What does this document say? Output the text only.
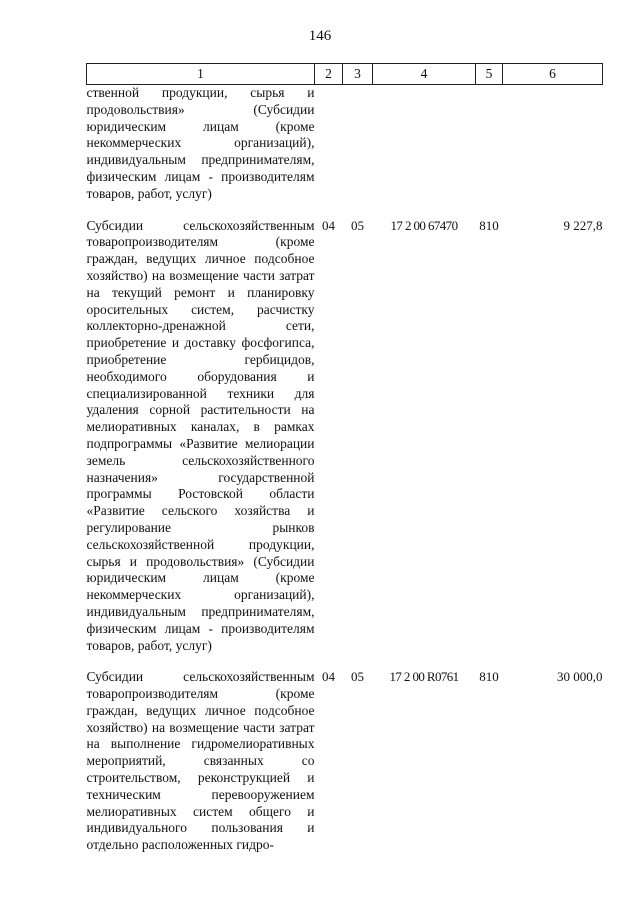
146
1	2	3	4	5	6
ственной продукции, сырья и продовольствия» (Субсидии юридическим лицам (кроме некоммерческих организаций), индивидуальным предпринимателям, физическим лицам - производителям товаров, работ, услуг)					

Субсидии сельскохозяйственным товаропроизводителям (кроме граждан, ведущих личное подсобное хозяйство) на возмещение части затрат на текущий ремонт и планировку оросительных систем, расчистку коллекторно-дренажной сети, приобретение и доставку фосфогипса, приобретение гербицидов, необходимого оборудования и специализированной техники для удаления сорной растительности на мелиоративных каналах, в рамках подпрограммы «Развитие мелиорации земель сельскохозяйственного назначения» государственной программы Ростовской области «Развитие сельского хозяйства и регулирование рынков сельскохозяйственной продукции, сырья и продовольствия» (Субсидии юридическим лицам (кроме некоммерческих организаций), индивидуальным предпринимателям, физическим лицам - производителям товаров, работ, услуг)	04	05	17 2 00 67470	810	9 227,8

Субсидии сельскохозяйственным товаропроизводителям (кроме граждан, ведущих личное подсобное хозяйство) на возмещение части затрат на выполнение гидромелиоративных мероприятий, связанных со строительством, реконструкцией и техническим перевооружением мелиоративных систем общего и индивидуального пользования и отдельно расположенных гидро-	04	05	17 2 00 R0761	810	30 000,0
